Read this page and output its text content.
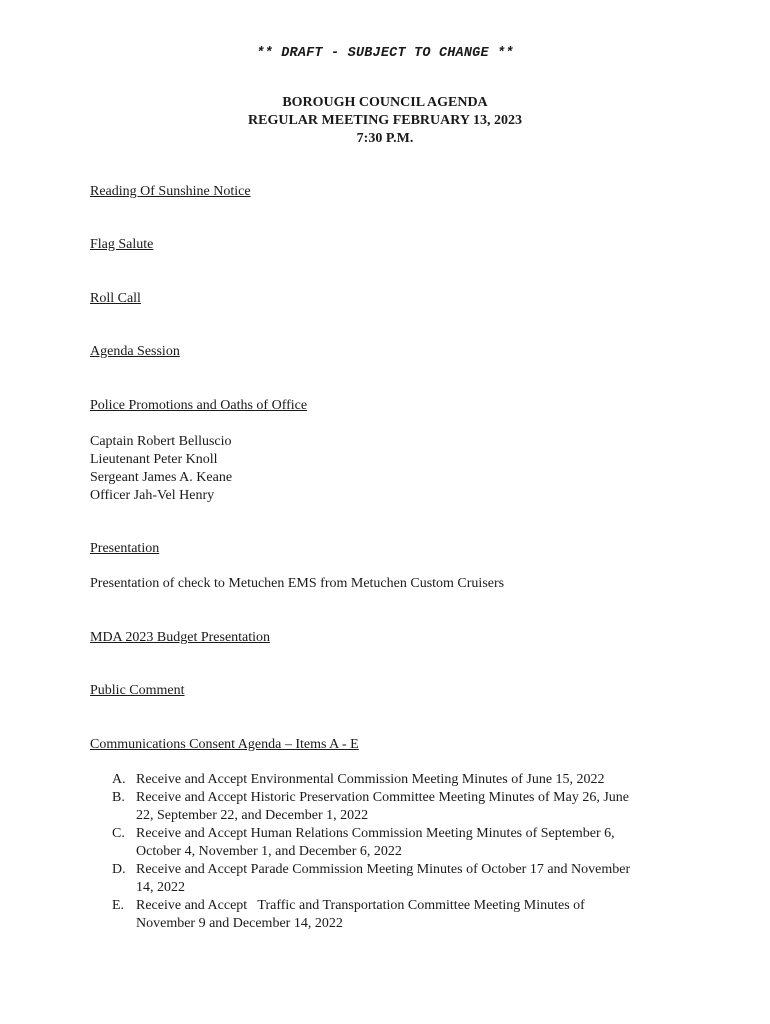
** DRAFT - SUBJECT TO CHANGE **
BOROUGH COUNCIL AGENDA
REGULAR MEETING FEBRUARY 13, 2023
7:30 P.M.
Reading Of Sunshine Notice
Flag Salute
Roll Call
Agenda Session
Police Promotions and Oaths of Office
Captain Robert Belluscio
Lieutenant Peter Knoll
Sergeant James A. Keane
Officer Jah-Vel Henry
Presentation
Presentation of check to Metuchen EMS from Metuchen Custom Cruisers
MDA 2023 Budget Presentation
Public Comment
Communications Consent Agenda – Items A - E
A. Receive and Accept Environmental Commission Meeting Minutes of June 15, 2022
B. Receive and Accept Historic Preservation Committee Meeting Minutes of May 26, June
22, September 22, and December 1, 2022
C. Receive and Accept Human Relations Commission Meeting Minutes of September 6,
October 4, November 1, and December 6, 2022
D. Receive and Accept Parade Commission Meeting Minutes of October 17 and November
14, 2022
E. Receive and Accept   Traffic and Transportation Committee Meeting Minutes of
November 9 and December 14, 2022
